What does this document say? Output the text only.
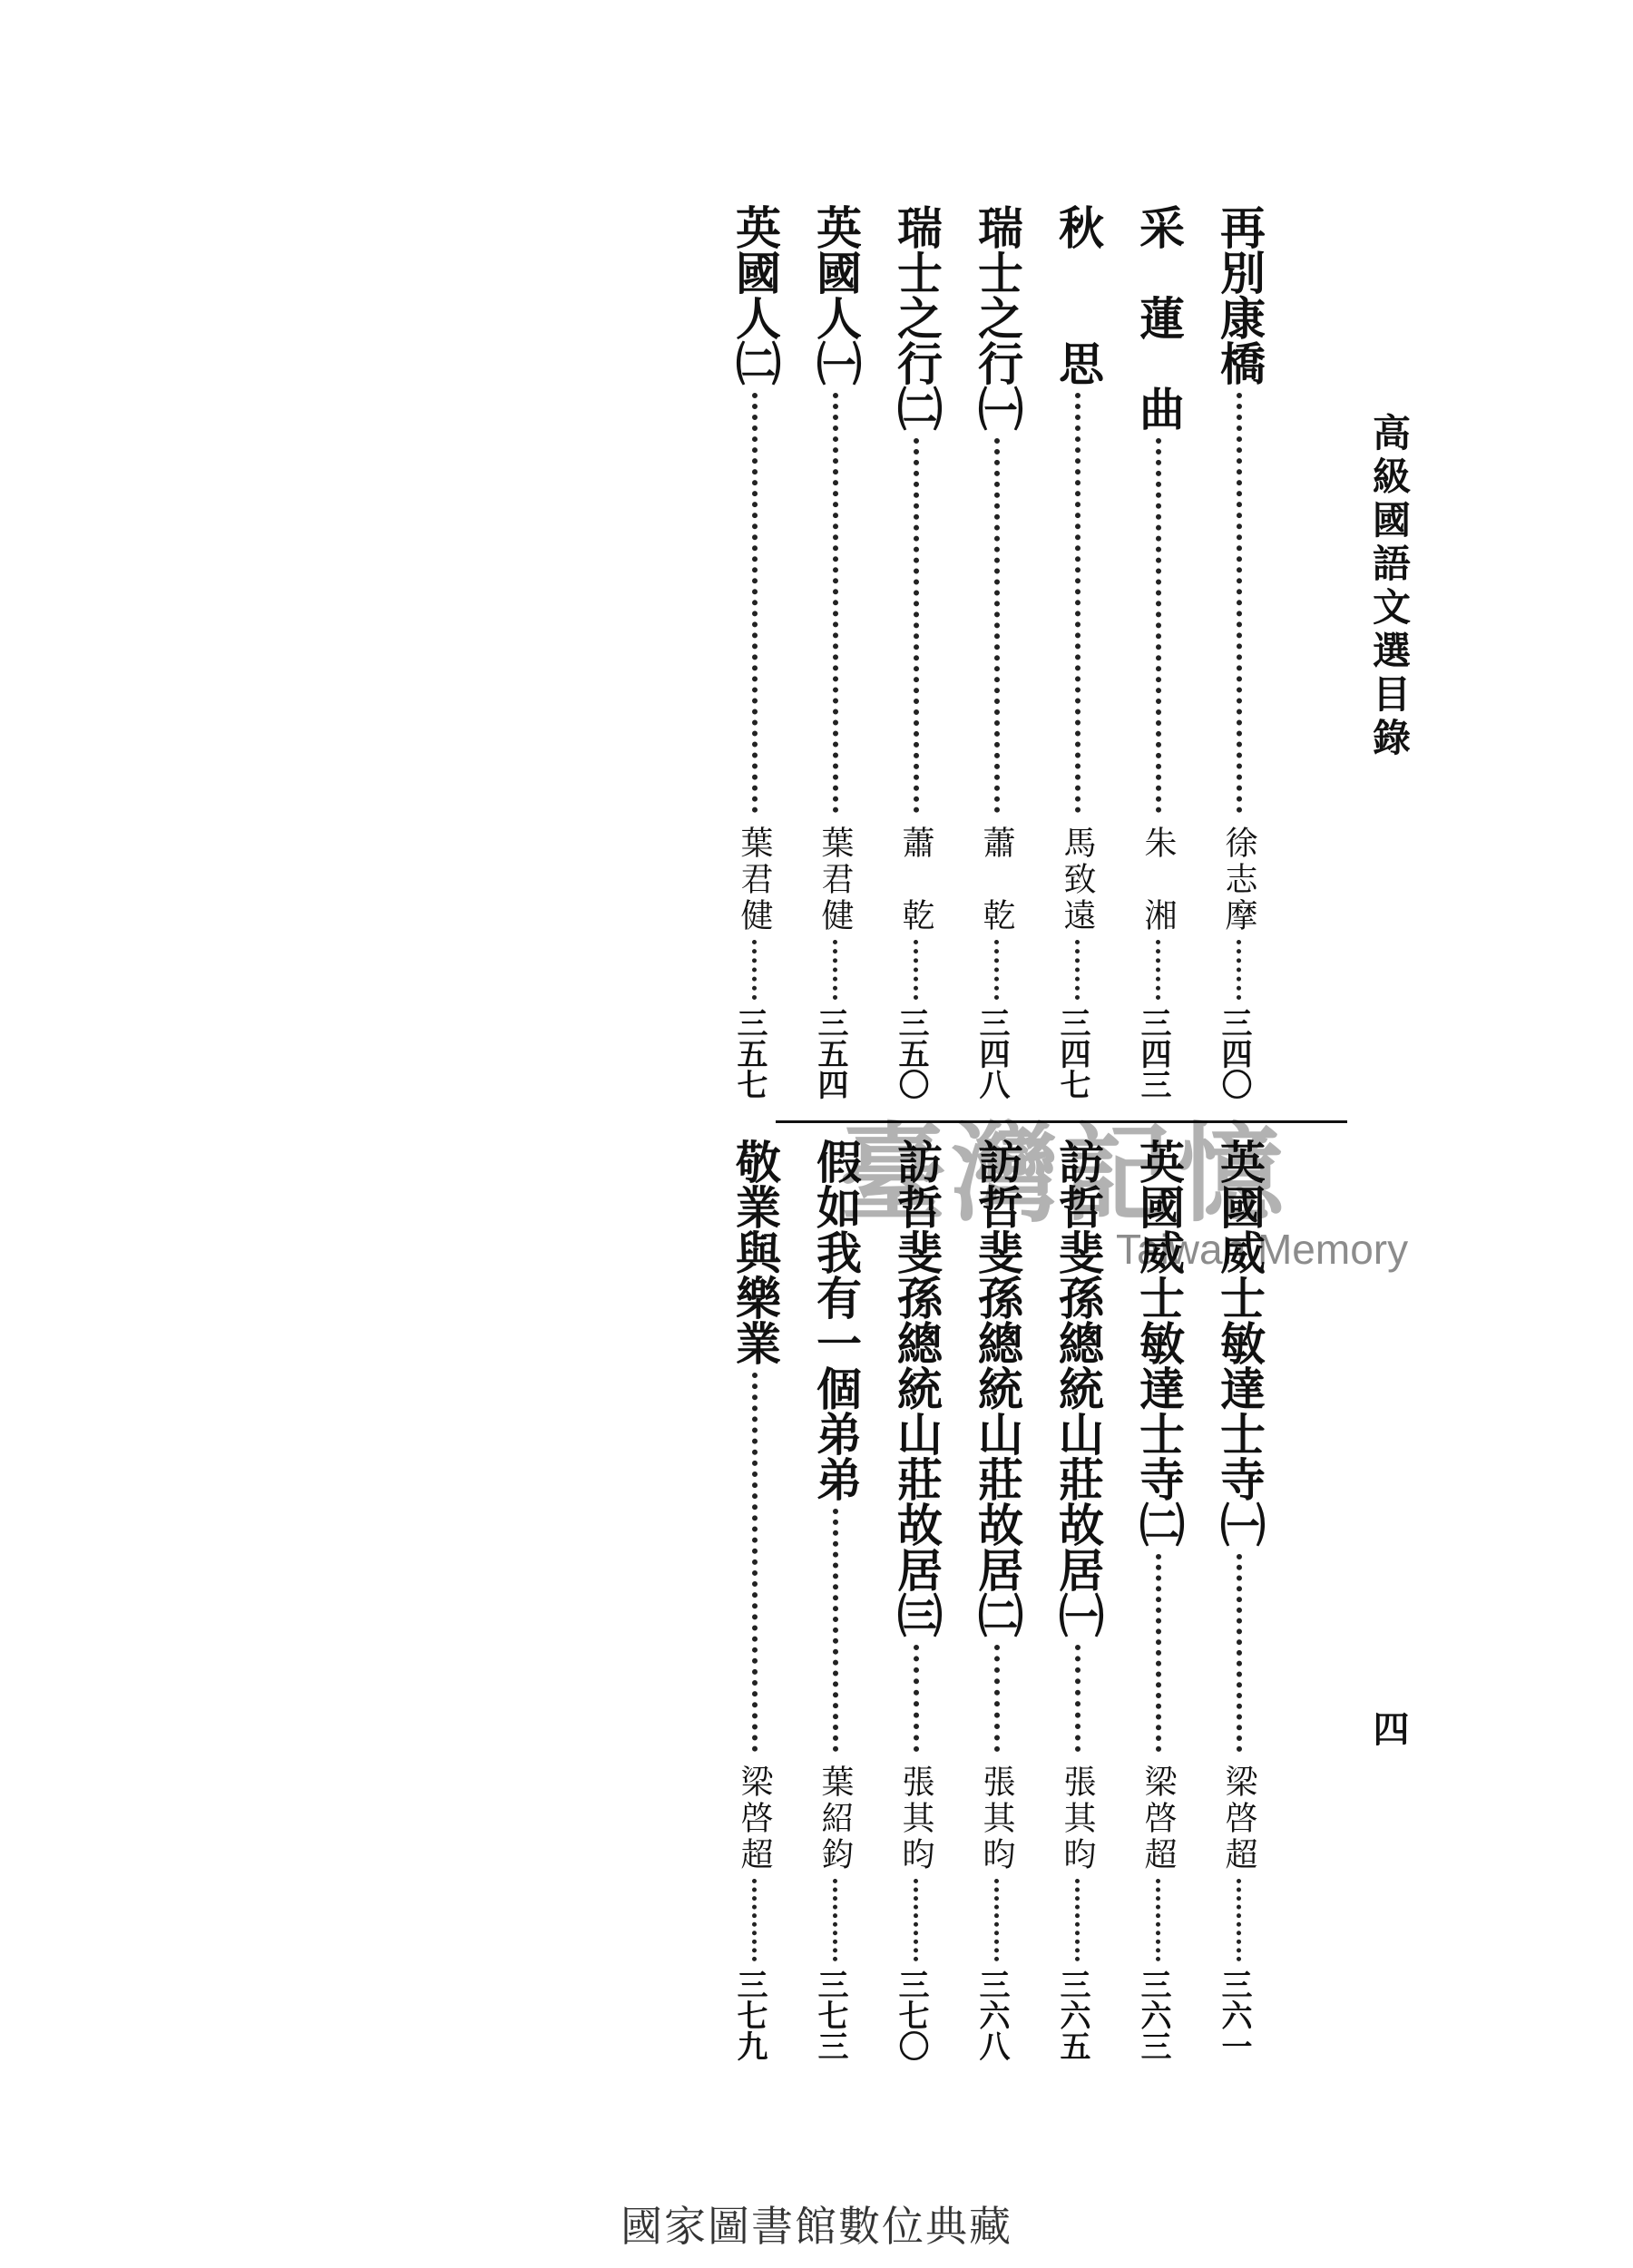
高級國語文選目錄
四
再別康橋
徐志摩
三四〇
采　蓮　曲
朱　湘
三四三
秋　　思
馬致遠
三四七
瑞士之行㈠
蕭　乾
三四八
瑞士之行㈡
蕭　乾
三五〇
英國人㈠
葉君健
三五四
英國人㈡
葉君健
三五七
英國威士敏達士寺㈠
梁啓超
三六一
英國威士敏達士寺㈡
梁啓超
三六三
訪哲斐孫總統山莊故居㈠
張其昀
三六五
訪哲斐孫總統山莊故居㈡
張其昀
三六八
訪哲斐孫總統山莊故居㈢
張其昀
三七〇
假如我有一個弟弟
葉紹鈞
三七三
敬業與樂業
梁啓超
三七九
臺灣記憶
Taiwan Memory
國家圖書館數位典藏
